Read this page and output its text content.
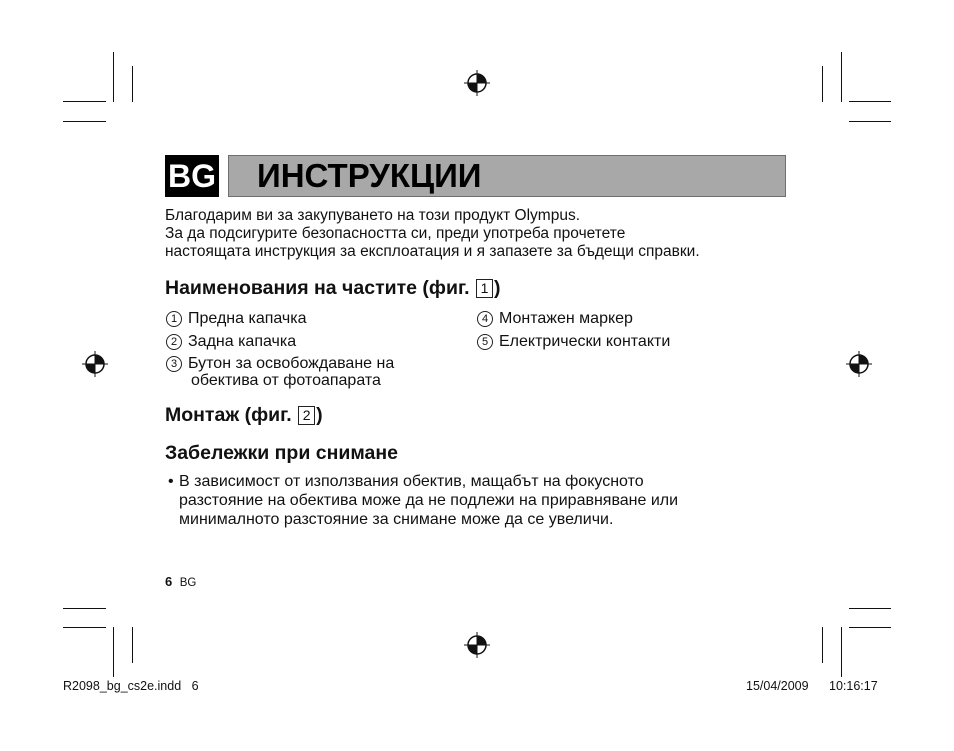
BG ИНСТРУКЦИИ
Благодарим ви за закупуването на този продукт Olympus.
За да подсигурите безопасността си, преди употреба прочетете
настоящата инструкция за експлоатация и я запазете за бъдещи справки.
Наименования на частите (фиг. 1 )
1 Предна капачка
2 Задна капачка
3 Бутон за освобождаване на
обектива от фотоапарата
4 Монтажен маркер
5 Електрически контакти
Монтаж (фиг. 2 )
Забележки при снимане
• В зависимост от използвания обектив, мащабът на фокусното
разстояние на обектива може да не подлежи на приравняване или
минималното разстояние за снимане може да се увеличи.
6 BG
R2098_bg_cs2e.indd   6	15/04/2009 10:16:17
